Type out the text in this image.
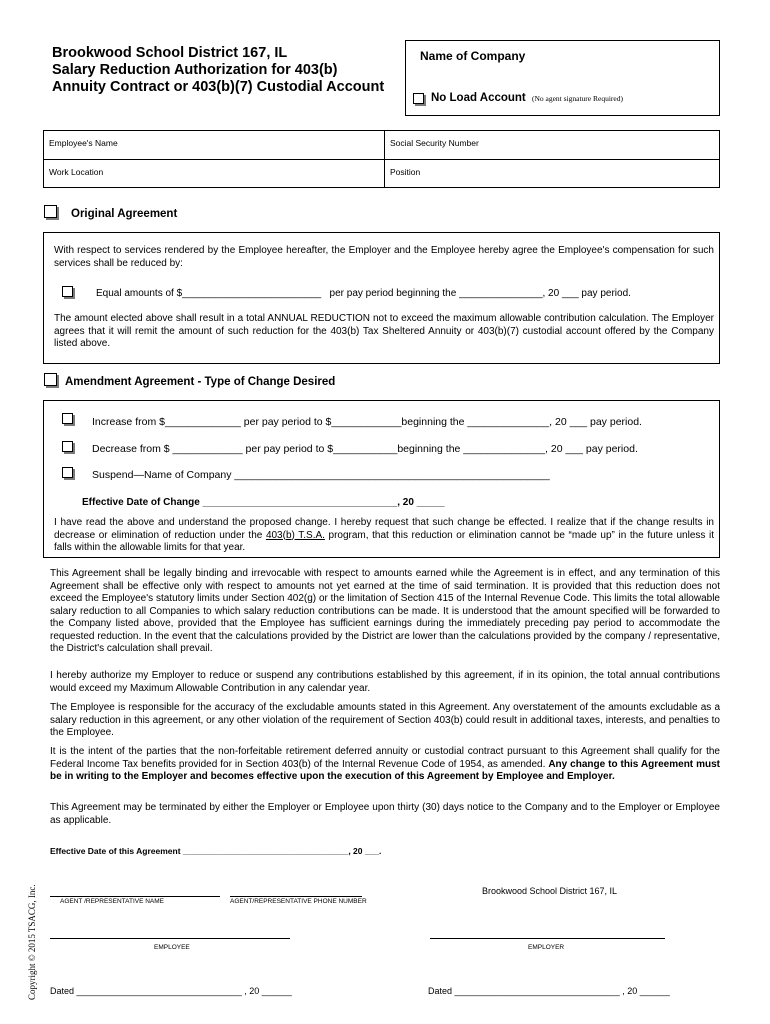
Brookwood School District 167, IL
Salary Reduction Authorization for 403(b)
Annuity Contract or 403(b)(7) Custodial Account
Name of Company
No Load Account (No agent signature Required)
Employee's Name	Social Security Number
Work Location	Position
Original Agreement
With respect to services rendered by the Employee hereafter, the Employer and the Employee hereby agree the Employee's compensation for such services shall be reduced by:
Equal amounts of $_________________________   per pay period beginning the _______________, 20 ___ pay period.
The amount elected above shall result in a total ANNUAL REDUCTION not to exceed the maximum allowable contribution calculation. The Employer agrees that it will remit the amount of such reduction for the 403(b) Tax Sheltered Annuity or 403(b)(7) custodial account offered by the Company listed above.
Amendment Agreement - Type of Change Desired
Increase from $_____________ per pay period to $____________beginning the ______________, 20 ___ pay period.
Decrease from $ ____________ per pay period to $___________beginning the ______________, 20 ___ pay period.
Suspend—Name of Company ______________________________________________________
Effective Date of Change ___________________________________, 20 _____
I have read the above and understand the proposed change. I hereby request that such change be effected. I realize that if the change results in decrease or elimination of reduction under the 403(b) T.S.A. program, that this reduction or elimination cannot be “made up” in the future unless it falls within the allowable limits for that year.
This Agreement shall be legally binding and irrevocable with respect to amounts earned while the Agreement is in effect, and any termination of this Agreement shall be effective only with respect to amounts not yet earned at the time of said termination. It is provided that this reduction does not exceed the Employee's statutory limits under Section 402(g) or the limitation of Section 415 of the Internal Revenue Code. This limits the total allowable salary reduction to all Companies to which salary reduction contributions can be made. It is understood that the amount specified will be forwarded to the Company listed above, provided that the Employee has sufficient earnings during the immediately preceding pay period to accommodate the requested reduction. In the event that the calculations provided by the District are lower than the calculations provided by the company / representative, the District's calculation shall prevail.
I hereby authorize my Employer to reduce or suspend any contributions established by this agreement, if in its opinion, the total annual contributions would exceed my Maximum Allowable Contribution in any calendar year.
The Employee is responsible for the accuracy of the excludable amounts stated in this Agreement. Any overstatement of the amounts excludable as a salary reduction in this agreement, or any other violation of the requirement of Section 403(b) could result in additional taxes, interests, and penalties to the Employee.
It is the intent of the parties that the non-forfeitable retirement deferred annuity or custodial contract pursuant to this Agreement shall qualify for the Federal Income Tax benefits provided for in Section 403(b) of the Internal Revenue Code of 1954, as amended. Any change to this Agreement must be in writing to the Employer and becomes effective upon the execution of this Agreement by Employee and Employer.
This Agreement may be terminated by either the Employer or Employee upon thirty (30) days notice to the Company and to the Employer or Employee as applicable.
Effective Date of this Agreement ___________________________________, 20 ___.
Brookwood School District 167, IL
AGENT /REPRESENTATIVE NAME	AGENT/REPRESENTATIVE PHONE NUMBER
EMPLOYEE	EMPLOYER
Dated _________________________________ , 20 ______	Dated _________________________________ , 20 ______
Copyright © 2015 TSACG, Inc.
